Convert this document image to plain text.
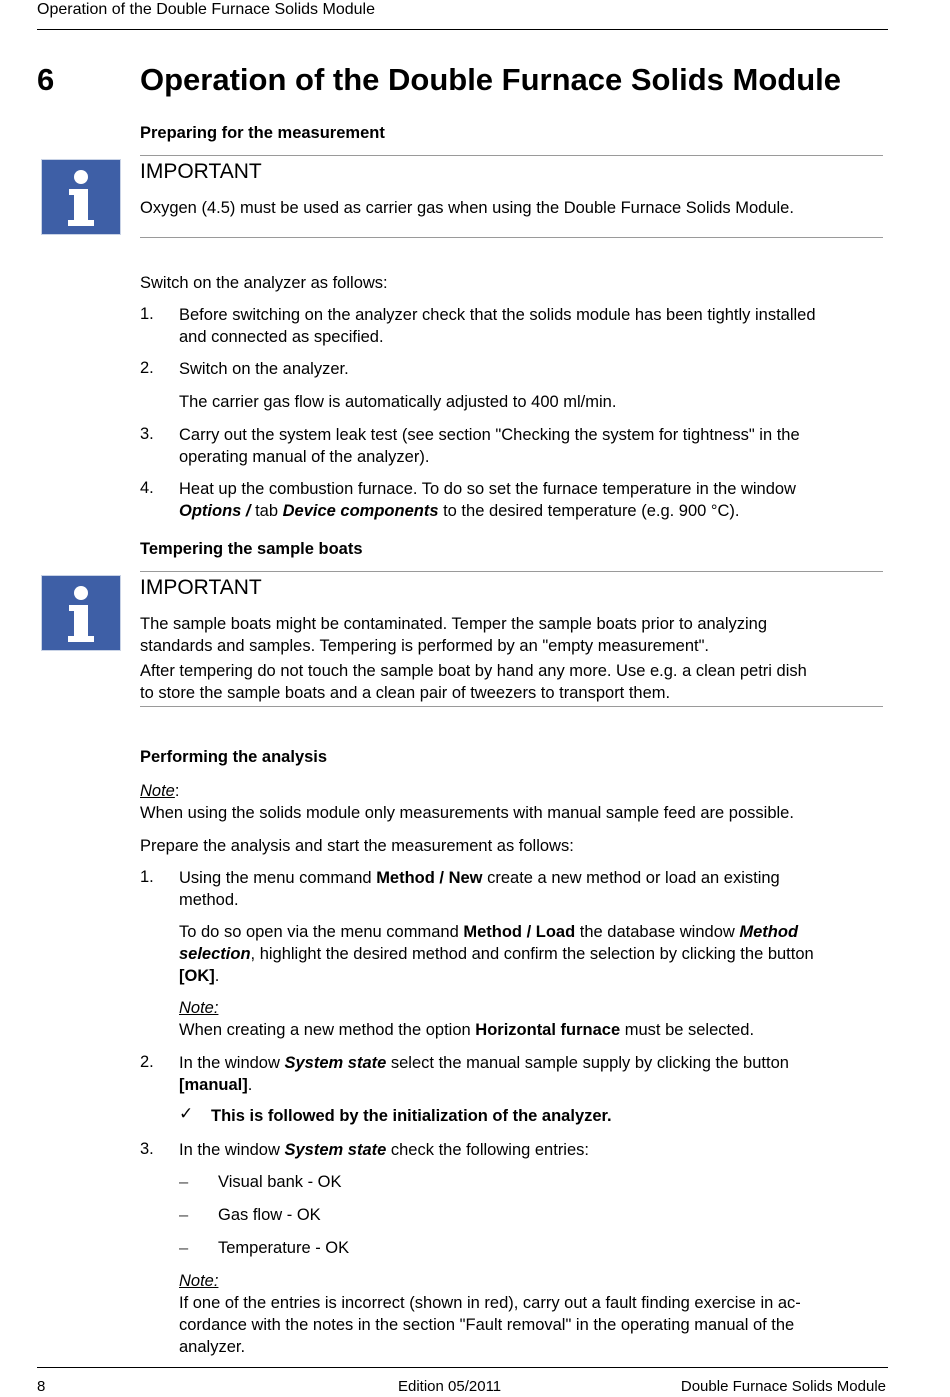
Operation of the Double Furnace Solids Module
6	Operation of the Double Furnace Solids Module
Preparing for the measurement
IMPORTANT
Oxygen (4.5) must be used as carrier gas when using the Double Furnace Solids Module.
Switch on the analyzer as follows:
1. Before switching on the analyzer check that the solids module has been tightly installed
and connected as specified.
2. Switch on the analyzer.
The carrier gas flow is automatically adjusted to 400 ml/min.
3. Carry out the system leak test (see section "Checking the system for tightness" in the
operating manual of the analyzer).
4. Heat up the combustion furnace. To do so set the furnace temperature in the window
Options / tab Device components to the desired temperature (e.g. 900 °C).
Tempering the sample boats
IMPORTANT
The sample boats might be contaminated. Temper the sample boats prior to analyzing
standards and samples. Tempering is performed by an "empty measurement".
After tempering do not touch the sample boat by hand any more. Use e.g. a clean petri dish
to store the sample boats and a clean pair of tweezers to transport them.
Performing the analysis
Note:
When using the solids module only measurements with manual sample feed are possible.
Prepare the analysis and start the measurement as follows:
1. Using the menu command Method / New create a new method or load an existing
method.
To do so open via the menu command Method / Load the database window Method
selection, highlight the desired method and confirm the selection by clicking the button
[OK].
Note:
When creating a new method the option Horizontal furnace must be selected.
2. In the window System state select the manual sample supply by clicking the button
[manual].
✓ This is followed by the initialization of the analyzer.
3. In the window System state check the following entries:
– Visual bank - OK
– Gas flow - OK
– Temperature - OK
Note:
If one of the entries is incorrect (shown in red), carry out a fault finding exercise in ac-
cordance with the notes in the section "Fault removal" in the operating manual of the
analyzer.
8	Edition 05/2011	Double Furnace Solids Module
